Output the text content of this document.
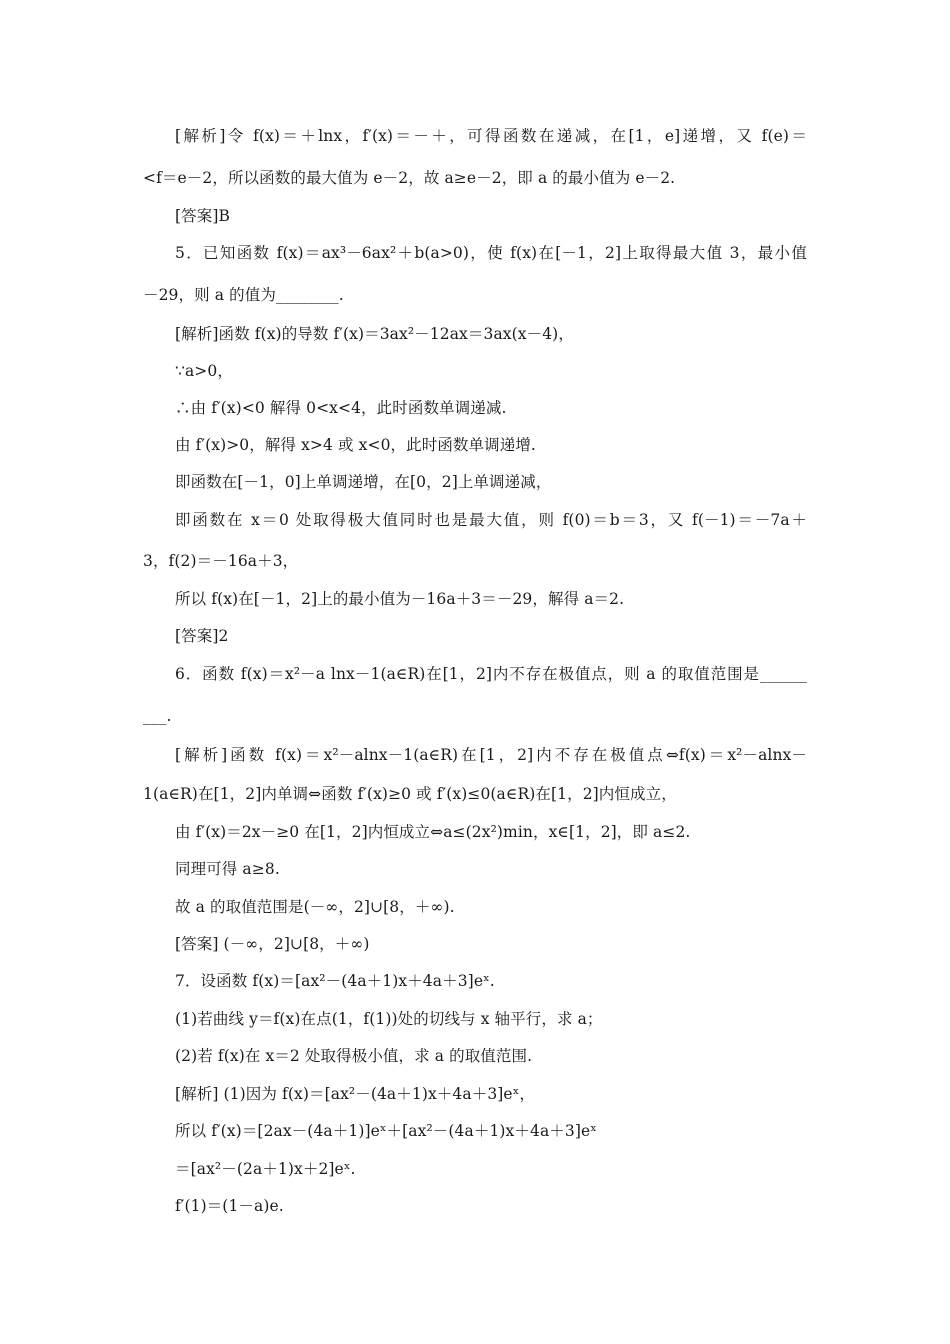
[解析]令 f(x)＝＋lnx，f′(x)＝－＋，可得函数在递减，在[1，e]递增，又 f(e)＝
<f＝e－2，所以函数的最大值为 e－2，故 a≥e－2，即 a 的最小值为 e－2.
[答案]B
5．已知函数 f(x)＝ax³－6ax²＋b(a>0)，使 f(x)在[－1，2]上取得最大值 3，最小值
－29，则 a 的值为________.
[解析]函数 f(x)的导数 f′(x)＝3ax²－12ax＝3ax(x－4)，
∵a>0，
∴由 f′(x)<0 解得 0<x<4，此时函数单调递减.
由 f′(x)>0，解得 x>4 或 x<0，此时函数单调递增.
即函数在[－1，0]上单调递增，在[0，2]上单调递减，
即函数在 x＝0 处取得极大值同时也是最大值，则 f(0)＝b＝3，又 f(－1)＝－7a＋
3，f(2)＝－16a＋3，
所以 f(x)在[－1，2]上的最小值为－16a＋3＝－29，解得 a＝2.
[答案]2
6．函数 f(x)＝x²－a lnx－1(a∈R)在[1，2]内不存在极值点，则 a 的取值范围是______
___.
[解析]函数 f(x)＝x²－alnx－1(a∈R)在[1，2]内不存在极值点⇔f(x)＝x²－alnx－
1(a∈R)在[1，2]内单调⇔函数 f′(x)≥0 或 f′(x)≤0(a∈R)在[1，2]内恒成立，
由 f′(x)＝2x－≥0 在[1，2]内恒成立⇔a≤(2x²)min，x∈[1，2]，即 a≤2.
同理可得 a≥8.
故 a 的取值范围是(－∞，2]∪[8，＋∞).
[答案] (－∞，2]∪[8，＋∞)
7．设函数 f(x)＝[ax²－(4a＋1)x＋4a＋3]eˣ.
(1)若曲线 y＝f(x)在点(1，f(1))处的切线与 x 轴平行，求 a；
(2)若 f(x)在 x＝2 处取得极小值，求 a 的取值范围.
[解析] (1)因为 f(x)＝[ax²－(4a＋1)x＋4a＋3]eˣ，
所以 f′(x)＝[2ax－(4a＋1)]eˣ＋[ax²－(4a＋1)x＋4a＋3]eˣ
＝[ax²－(2a＋1)x＋2]eˣ.
f′(1)＝(1－a)e.
